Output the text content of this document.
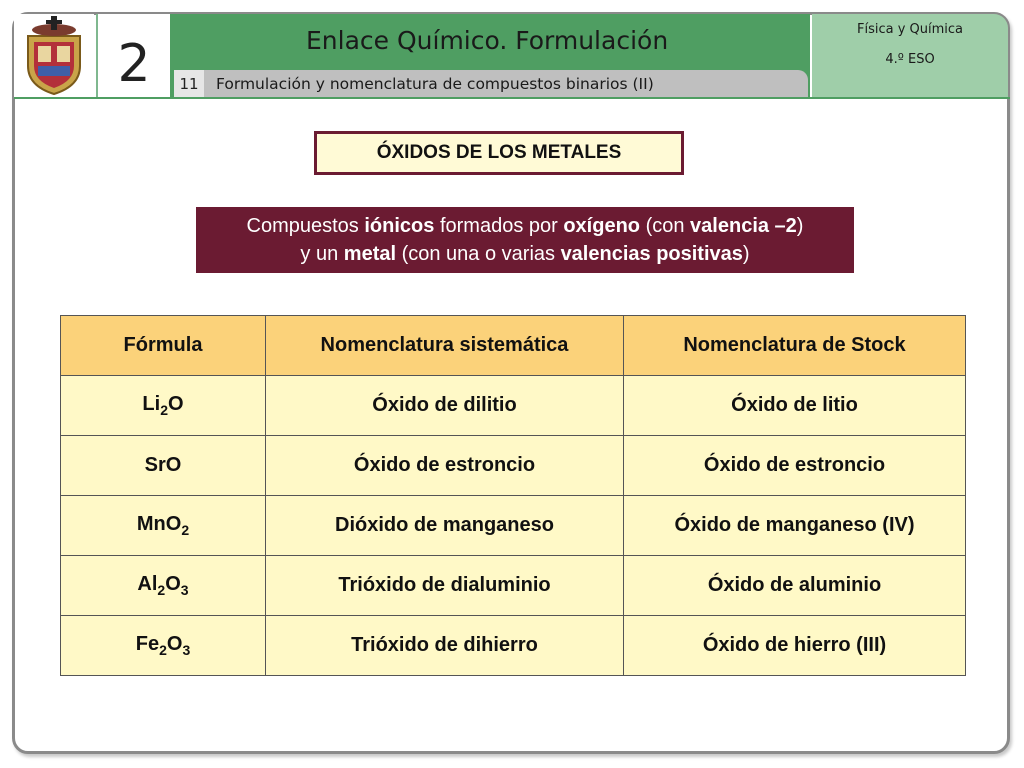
2	Enlace Químico. Formulación
11	Formulación y nomenclatura de compuestos binarios (II)
Física y Química
4.º ESO
ÓXIDOS DE LOS METALES
Compuestos iónicos formados por oxígeno (con valencia –2)
y un metal (con una o varias valencias positivas)
Fórmula	Nomenclatura sistemática	Nomenclatura de Stock
$Li_2O$	Óxido de dilitio	Óxido de litio
SrO	Óxido de estroncio	Óxido de estroncio
MnO$_2$	Dióxido de manganeso	Óxido de manganeso (IV)
$Al_2O_3$	Trióxido de dialuminio	Óxido de aluminio
$Fe_2O_3$	Trióxido de dihierro	Óxido de hierro (III)
